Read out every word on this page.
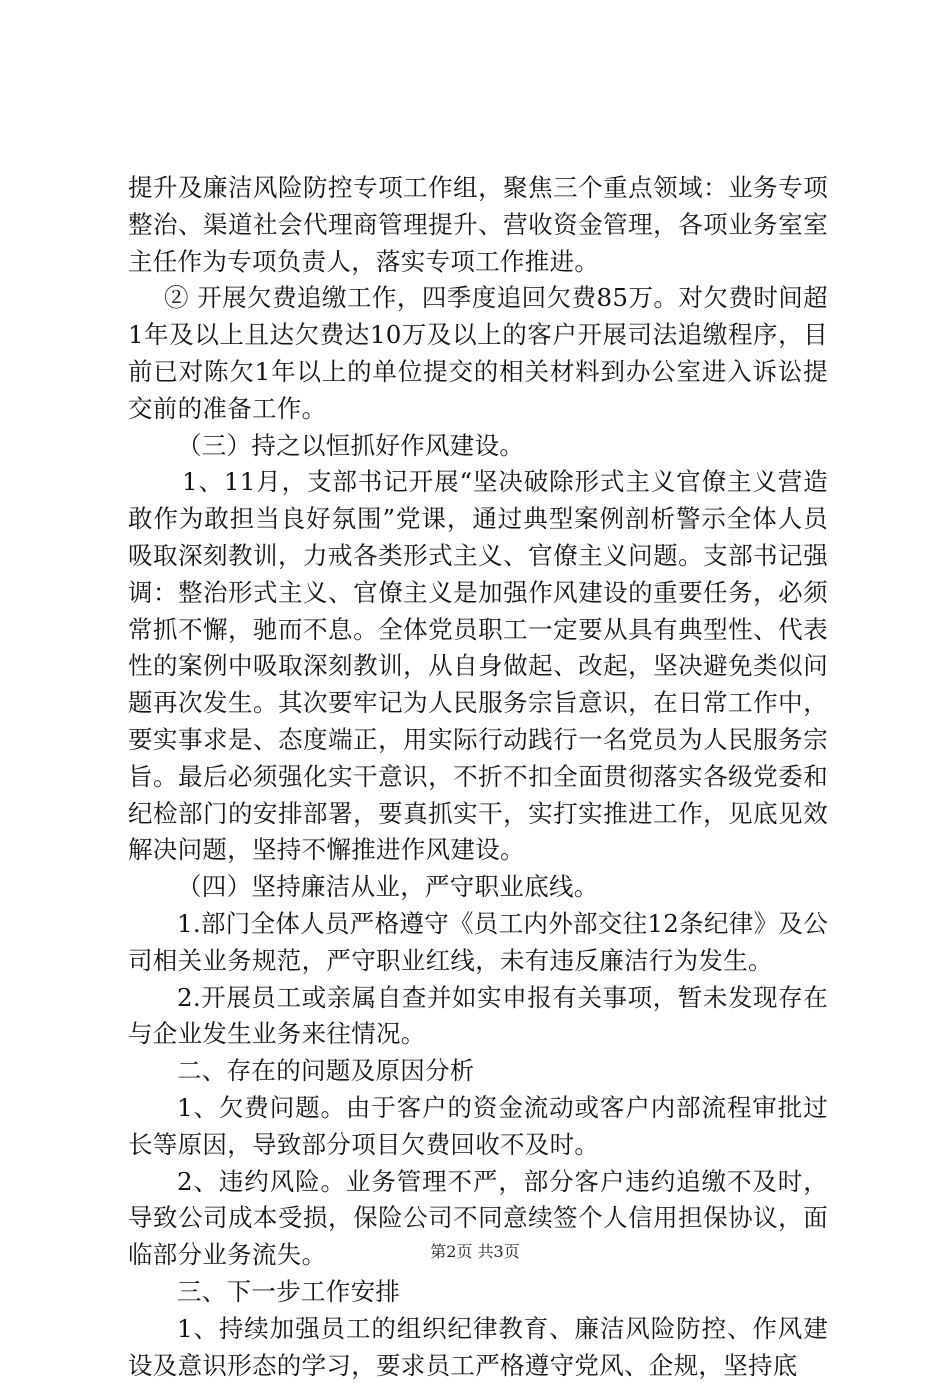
提升及廉洁风险防控专项工作组，聚焦三个重点领域：业务专项整治、渠道社会代理商管理提升、营收资金管理，各项业务室室主任作为专项负责人，落实专项工作推进。

② 开展欠费追缴工作，四季度追回欠费85万。对欠费时间超1年及以上且达欠费达10万及以上的客户开展司法追缴程序，目前已对陈欠1年以上的单位提交的相关材料到办公室进入诉讼提交前的准备工作。

（三）持之以恒抓好作风建设。

1、11月，支部书记开展“坚决破除形式主义官僚主义营造敢作为敢担当良好氛围”党课，通过典型案例剖析警示全体人员吸取深刻教训，力戒各类形式主义、官僚主义问题。支部书记强调：整治形式主义、官僚主义是加强作风建设的重要任务，必须常抓不懈，驰而不息。全体党员职工一定要从具有典型性、代表性的案例中吸取深刻教训，从自身做起、改起，坚决避免类似问题再次发生。其次要牢记为人民服务宗旨意识，在日常工作中，要实事求是、态度端正，用实际行动践行一名党员为人民服务宗旨。最后必须强化实干意识，不折不扣全面贯彻落实各级党委和纪检部门的安排部署，要真抓实干，实打实推进工作，见底见效解决问题，坚持不懈推进作风建设。

（四）坚持廉洁从业，严守职业底线。

1.部门全体人员严格遵守《员工内外部交往12条纪律》及公司相关业务规范，严守职业红线，未有违反廉洁行为发生。

2.开展员工或亲属自查并如实申报有关事项，暂未发现存在与企业发生业务来往情况。

二、存在的问题及原因分析

1、欠费问题。由于客户的资金流动或客户内部流程审批过长等原因，导致部分项目欠费回收不及时。

2、违约风险。业务管理不严，部分客户违约追缴不及时，导致公司成本受损，保险公司不同意续签个人信用担保协议，面临部分业务流失。

三、下一步工作安排

1、持续加强员工的组织纪律教育、廉洁风险防控、作风建设及意识形态的学习，要求员工严格遵守党风、企规，坚持底

第2页 共3页
